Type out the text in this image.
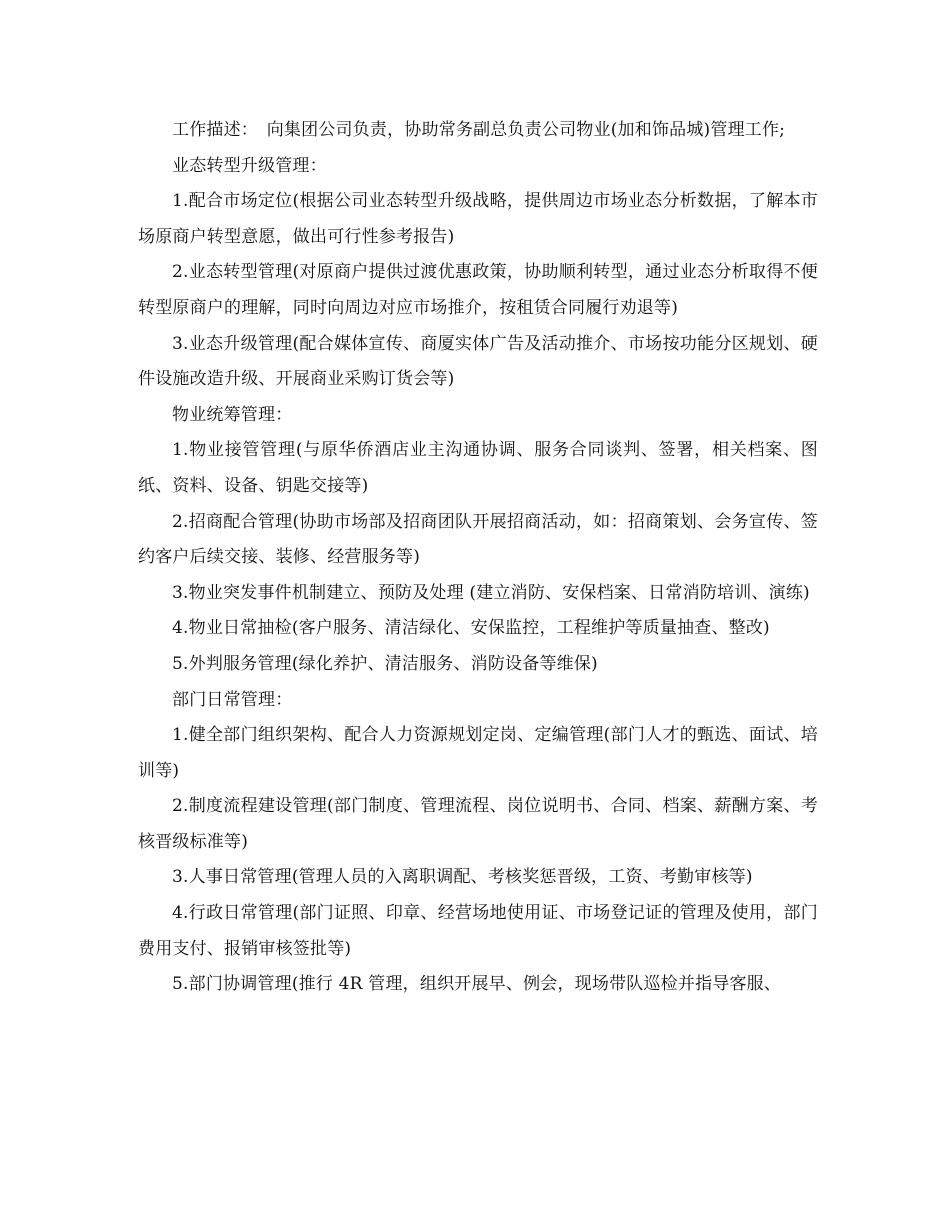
工作描述：　向集团公司负责，协助常务副总负责公司物业(加和饰品城)管理工作;

业态转型升级管理：

1.配合市场定位(根据公司业态转型升级战略，提供周边市场业态分析数据，了解本市场原商户转型意愿，做出可行性参考报告)

2.业态转型管理(对原商户提供过渡优惠政策，协助顺利转型，通过业态分析取得不便转型原商户的理解，同时向周边对应市场推介，按租赁合同履行劝退等)

3.业态升级管理(配合媒体宣传、商厦实体广告及活动推介、市场按功能分区规划、硬件设施改造升级、开展商业采购订货会等)

物业统筹管理：

1.物业接管管理(与原华侨酒店业主沟通协调、服务合同谈判、签署，相关档案、图纸、资料、设备、钥匙交接等)

2.招商配合管理(协助市场部及招商团队开展招商活动，如：招商策划、会务宣传、签约客户后续交接、装修、经营服务等)

3.物业突发事件机制建立、预防及处理 (建立消防、安保档案、日常消防培训、演练)

4.物业日常抽检(客户服务、清洁绿化、安保监控，工程维护等质量抽查、整改)

5.外判服务管理(绿化养护、清洁服务、消防设备等维保)

部门日常管理：

1.健全部门组织架构、配合人力资源规划定岗、定编管理(部门人才的甄选、面试、培训等)

2.制度流程建设管理(部门制度、管理流程、岗位说明书、合同、档案、薪酬方案、考核晋级标准等)

3.人事日常管理(管理人员的入离职调配、考核奖惩晋级，工资、考勤审核等)

4.行政日常管理(部门证照、印章、经营场地使用证、市场登记证的管理及使用，部门费用支付、报销审核签批等)

5.部门协调管理(推行 4R 管理，组织开展早、例会，现场带队巡检并指导客服、
